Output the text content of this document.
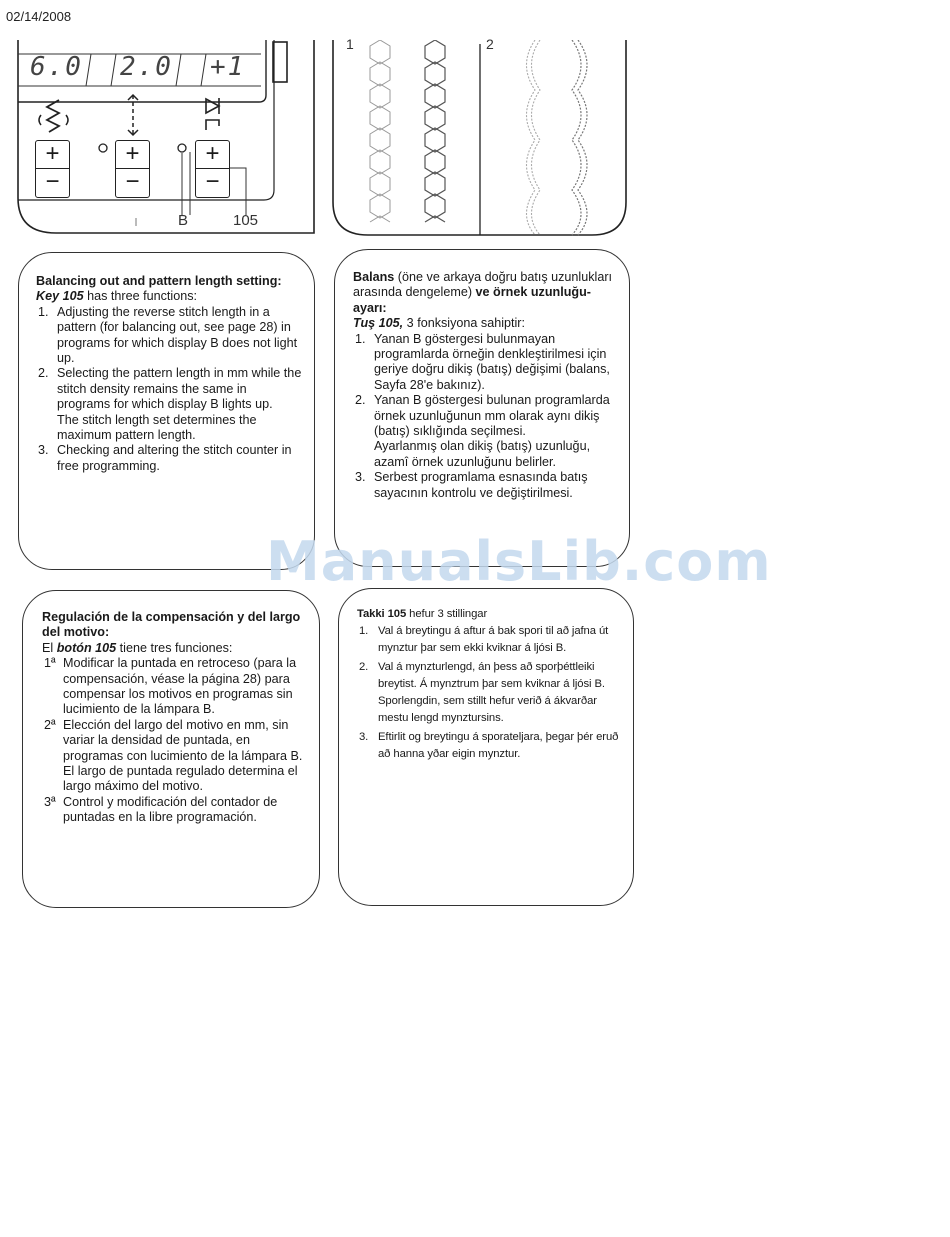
02/14/2008
6.0 2.0 +1
+
−
+
−
+
−
B	105
1	2
Balancing out and pattern length setting:
Key 105 has three functions:
1. Adjusting the reverse stitch length in a pattern (for balancing out, see page 28) in programs for which display B does not light up.
2. Selecting the pattern length in mm while the stitch density remains the same in programs for which display B lights up.
The stitch length set determines the maximum pattern length.
3. Checking and altering the stitch counter in free programming.
Balans (öne ve arkaya doğru batış uzunlukları arasında dengeleme) ve örnek uzunluğu-ayarı:
Tuş 105, 3 fonksiyona sahiptir:
1. Yanan B göstergesi bulunmayan programlarda örneğin denkleştirilmesi için geriye doğru dikiş (batış) değişimi (balans, Sayfa 28'e bakınız).
2. Yanan B göstergesi bulunan programlarda örnek uzunluğunun mm olarak aynı dikiş (batış) sıklığında seçilmesi.
Ayarlanmış olan dikiş (batış) uzunluğu, azamî örnek uzunluğunu belirler.
3. Serbest programlama esnasında batış sayacının kontrolu ve değiştirilmesi.
Regulación de la compensación y del largo del motivo:
El botón 105 tiene tres funciones:
1ª Modificar la puntada en retroceso (para la compensación, véase la página 28) para compensar los motivos en programas sin lucimiento de la lámpara B.
2ª Elección del largo del motivo en mm, sin variar la densidad de puntada, en programas con lucimiento de la lámpara B.
El largo de puntada regulado determina el largo máximo del motivo.
3ª Control y modificación del contador de puntadas en la libre programación.
Takki 105 hefur 3 stillingar
1. Val á breytingu á aftur á bak spori til að jafna út mynztur þar sem ekki kviknar á ljósi B.
2. Val á mynzturlengd, án þess að sporþéttleiki breytist. Á mynztrum þar sem kviknar á ljósi B.
Sporlengdin, sem stillt hefur verið á ákvarðar mestu lengd mynztursins.
3. Eftirlit og breytingu á sporateljara, þegar þér eruð að hanna yðar eigin mynztur.
ManualsLib.com
